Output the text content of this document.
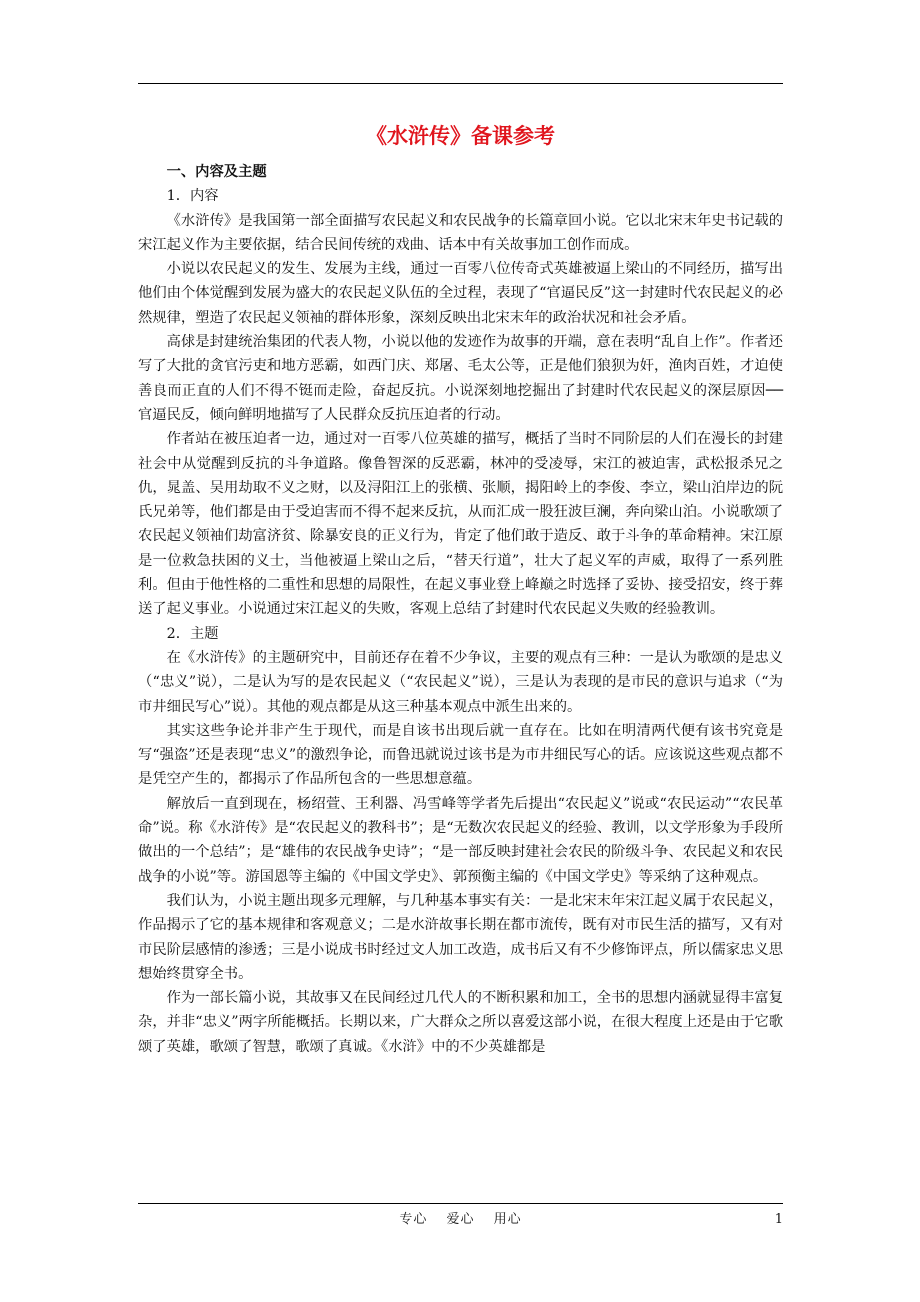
《水浒传》备课参考
一、内容及主题
1．内容

《水浒传》是我国第一部全面描写农民起义和农民战争的长篇章回小说。它以北宋末年史书记载的宋江起义作为主要依据，结合民间传统的戏曲、话本中有关故事加工创作而成。

小说以农民起义的发生、发展为主线，通过一百零八位传奇式英雄被逼上梁山的不同经历，描写出他们由个体觉醒到发展为盛大的农民起义队伍的全过程，表现了“官逼民反”这一封建时代农民起义的必然规律，塑造了农民起义领袖的群体形象，深刻反映出北宋末年的政治状况和社会矛盾。

高俅是封建统治集团的代表人物，小说以他的发迹作为故事的开端，意在表明“乱自上作”。作者还写了大批的贪官污吏和地方恶霸，如西门庆、郑屠、毛太公等，正是他们狼狈为奸，渔肉百姓，才迫使善良而正直的人们不得不铤而走险，奋起反抗。小说深刻地挖掘出了封建时代农民起义的深层原因──官逼民反，倾向鲜明地描写了人民群众反抗压迫者的行动。

作者站在被压迫者一边，通过对一百零八位英雄的描写，概括了当时不同阶层的人们在漫长的封建社会中从觉醒到反抗的斗争道路。像鲁智深的反恶霸，林冲的受凌辱，宋江的被迫害，武松报杀兄之仇，晁盖、吴用劫取不义之财，以及浔阳江上的张横、张顺，揭阳岭上的李俊、李立，梁山泊岸边的阮氏兄弟等，他们都是由于受迫害而不得不起来反抗，从而汇成一股狂波巨澜，奔向梁山泊。小说歌颂了农民起义领袖们劫富济贫、除暴安良的正义行为，肯定了他们敢于造反、敢于斗争的革命精神。宋江原是一位救急扶困的义士，当他被逼上梁山之后，“替天行道”，壮大了起义军的声威，取得了一系列胜利。但由于他性格的二重性和思想的局限性，在起义事业登上峰巅之时选择了妥协、接受招安，终于葬送了起义事业。小说通过宋江起义的失败，客观上总结了封建时代农民起义失败的经验教训。

2．主题

在《水浒传》的主题研究中，目前还存在着不少争议，主要的观点有三种：一是认为歌颂的是忠义（“忠义”说），二是认为写的是农民起义（“农民起义”说），三是认为表现的是市民的意识与追求（“为市井细民写心”说）。其他的观点都是从这三种基本观点中派生出来的。

其实这些争论并非产生于现代，而是自该书出现后就一直存在。比如在明清两代便有该书究竟是写“强盗”还是表现“忠义”的激烈争论，而鲁迅就说过该书是为市井细民写心的话。应该说这些观点都不是凭空产生的，都揭示了作品所包含的一些思想意蕴。

解放后一直到现在，杨绍萱、王利器、冯雪峰等学者先后提出“农民起义”说或“农民运动”“农民革命”说。称《水浒传》是“农民起义的教科书”；是“无数次农民起义的经验、教训，以文学形象为手段所做出的一个总结”；是“雄伟的农民战争史诗”；“是一部反映封建社会农民的阶级斗争、农民起义和农民战争的小说”等。游国恩等主编的《中国文学史》、郭预衡主编的《中国文学史》等采纳了这种观点。

我们认为，小说主题出现多元理解，与几种基本事实有关：一是北宋末年宋江起义属于农民起义，作品揭示了它的基本规律和客观意义；二是水浒故事长期在都市流传，既有对市民生活的描写，又有对市民阶层感情的渗透；三是小说成书时经过文人加工改造，成书后又有不少修饰评点，所以儒家忠义思想始终贯穿全书。

作为一部长篇小说，其故事又在民间经过几代人的不断积累和加工，全书的思想内涵就显得丰富复杂，并非“忠义”两字所能概括。长期以来，广大群众之所以喜爱这部小说，在很大程度上还是由于它歌颂了英雄，歌颂了智慧，歌颂了真诚。《水浒》中的不少英雄都是

专心 爱心 用心	1
